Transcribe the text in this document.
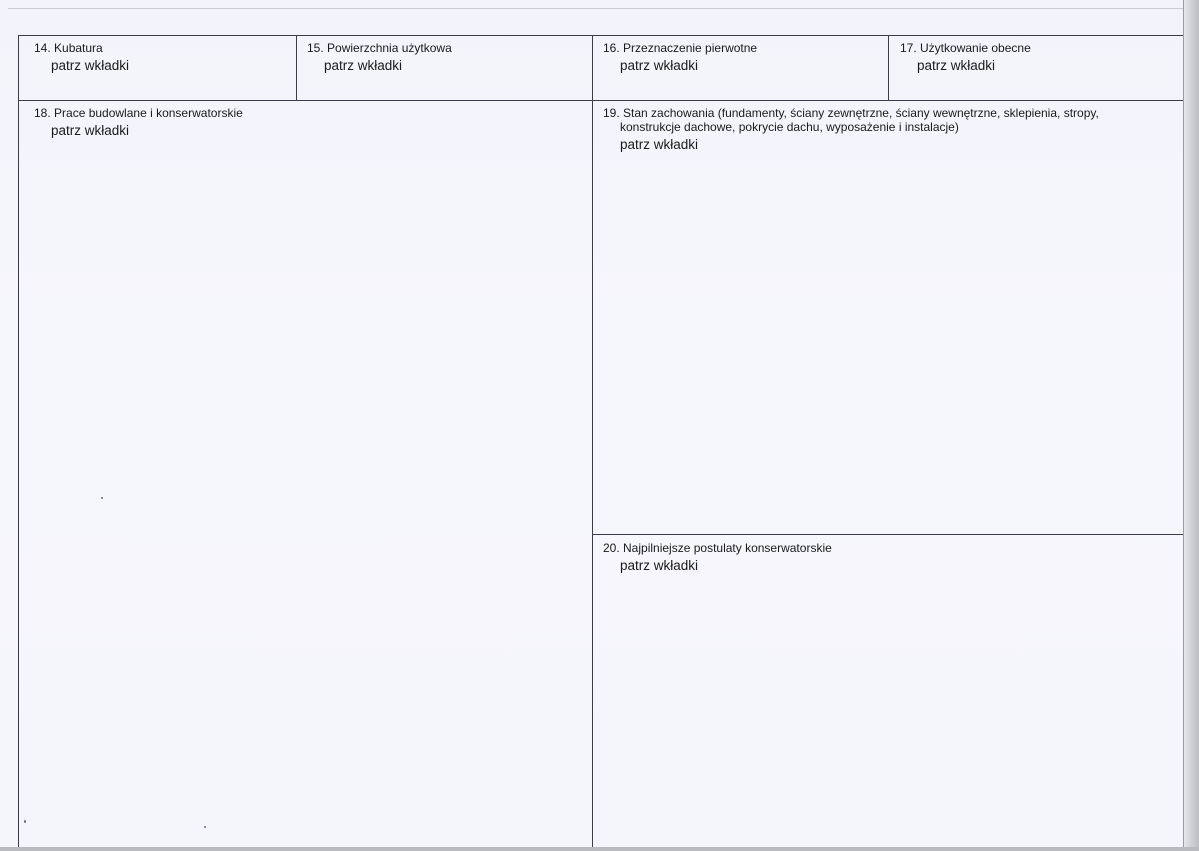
14. Kubatura
patrz wkładki
15. Powierzchnia użytkowa
patrz wkładki
16. Przeznaczenie pierwotne
patrz wkładki
17. Użytkowanie obecne
patrz wkładki
18. Prace budowlane i konserwatorskie
patrz wkładki
19. Stan zachowania (fundamenty, ściany zewnętrzne, ściany wewnętrzne, sklepienia, stropy,
konstrukcje dachowe, pokrycie dachu, wyposażenie i instalacje)
patrz wkładki
20. Najpilniejsze postulaty konserwatorskie
patrz wkładki
